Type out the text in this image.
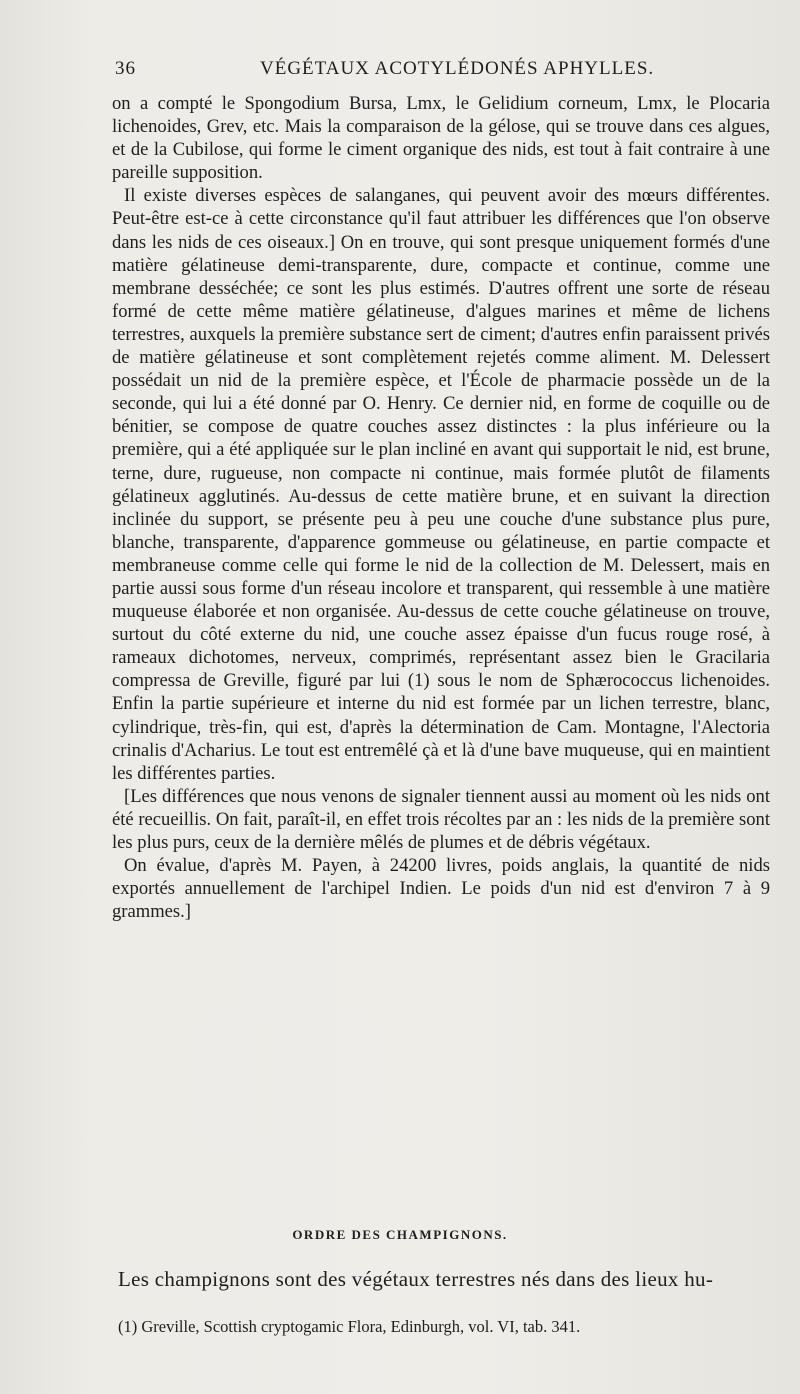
36	VÉGÉTAUX ACOTYLÉDONÉS APHYLLES.

on a compté le Spongodium Bursa, Lmx, le Gelidium corneum, Lmx, le Plocaria lichenoides, Grev, etc. Mais la comparaison de la gélose, qui se trouve dans ces algues, et de la Cubilose, qui forme le ciment organique des nids, est tout à fait contraire à une pareille supposition.

Il existe diverses espèces de salanganes, qui peuvent avoir des mœurs différentes. Peut-être est-ce à cette circonstance qu'il faut attribuer les différences que l'on observe dans les nids de ces oiseaux.] On en trouve, qui sont presque uniquement formés d'une matière gélatineuse demi-transparente, dure, compacte et continue, comme une membrane desséchée; ce sont les plus estimés. D'autres offrent une sorte de réseau formé de cette même matière gélatineuse, d'algues marines et même de lichens terrestres, auxquels la première substance sert de ciment; d'autres enfin paraissent privés de matière gélatineuse et sont complètement rejetés comme aliment. M. Delessert possédait un nid de la première espèce, et l'École de pharmacie possède un de la seconde, qui lui a été donné par O. Henry. Ce dernier nid, en forme de coquille ou de bénitier, se compose de quatre couches assez distinctes : la plus inférieure ou la première, qui a été appliquée sur le plan incliné en avant qui supportait le nid, est brune, terne, dure, rugueuse, non compacte ni continue, mais formée plutôt de filaments gélatineux agglutinés. Au-dessus de cette matière brune, et en suivant la direction inclinée du support, se présente peu à peu une couche d'une substance plus pure, blanche, transparente, d'apparence gommeuse ou gélatineuse, en partie compacte et membraneuse comme celle qui forme le nid de la collection de M. Delessert, mais en partie aussi sous forme d'un réseau incolore et transparent, qui ressemble à une matière muqueuse élaborée et non organisée. Au-dessus de cette couche gélatineuse on trouve, surtout du côté externe du nid, une couche assez épaisse d'un fucus rouge rosé, à rameaux dichotomes, nerveux, comprimés, représentant assez bien le Gracilaria compressa de Greville, figuré par lui (1) sous le nom de Sphærococcus lichenoides. Enfin la partie supérieure et interne du nid est formée par un lichen terrestre, blanc, cylindrique, très-fin, qui est, d'après la détermination de Cam. Montagne, l'Alectoria crinalis d'Acharius. Le tout est entremêlé çà et là d'une bave muqueuse, qui en maintient les différentes parties.

[Les différences que nous venons de signaler tiennent aussi au moment où les nids ont été recueillis. On fait, paraît-il, en effet trois récoltes par an : les nids de la première sont les plus purs, ceux de la dernière mêlés de plumes et de débris végétaux.

On évalue, d'après M. Payen, à 24200 livres, poids anglais, la quantité de nids exportés annuellement de l'archipel Indien. Le poids d'un nid est d'environ 7 à 9 grammes.]

ORDRE DES CHAMPIGNONS.
Les champignons sont des végétaux terrestres nés dans des lieux hu-
(1) Greville, Scottish cryptogamic Flora, Edinburgh, vol. VI, tab. 341.
